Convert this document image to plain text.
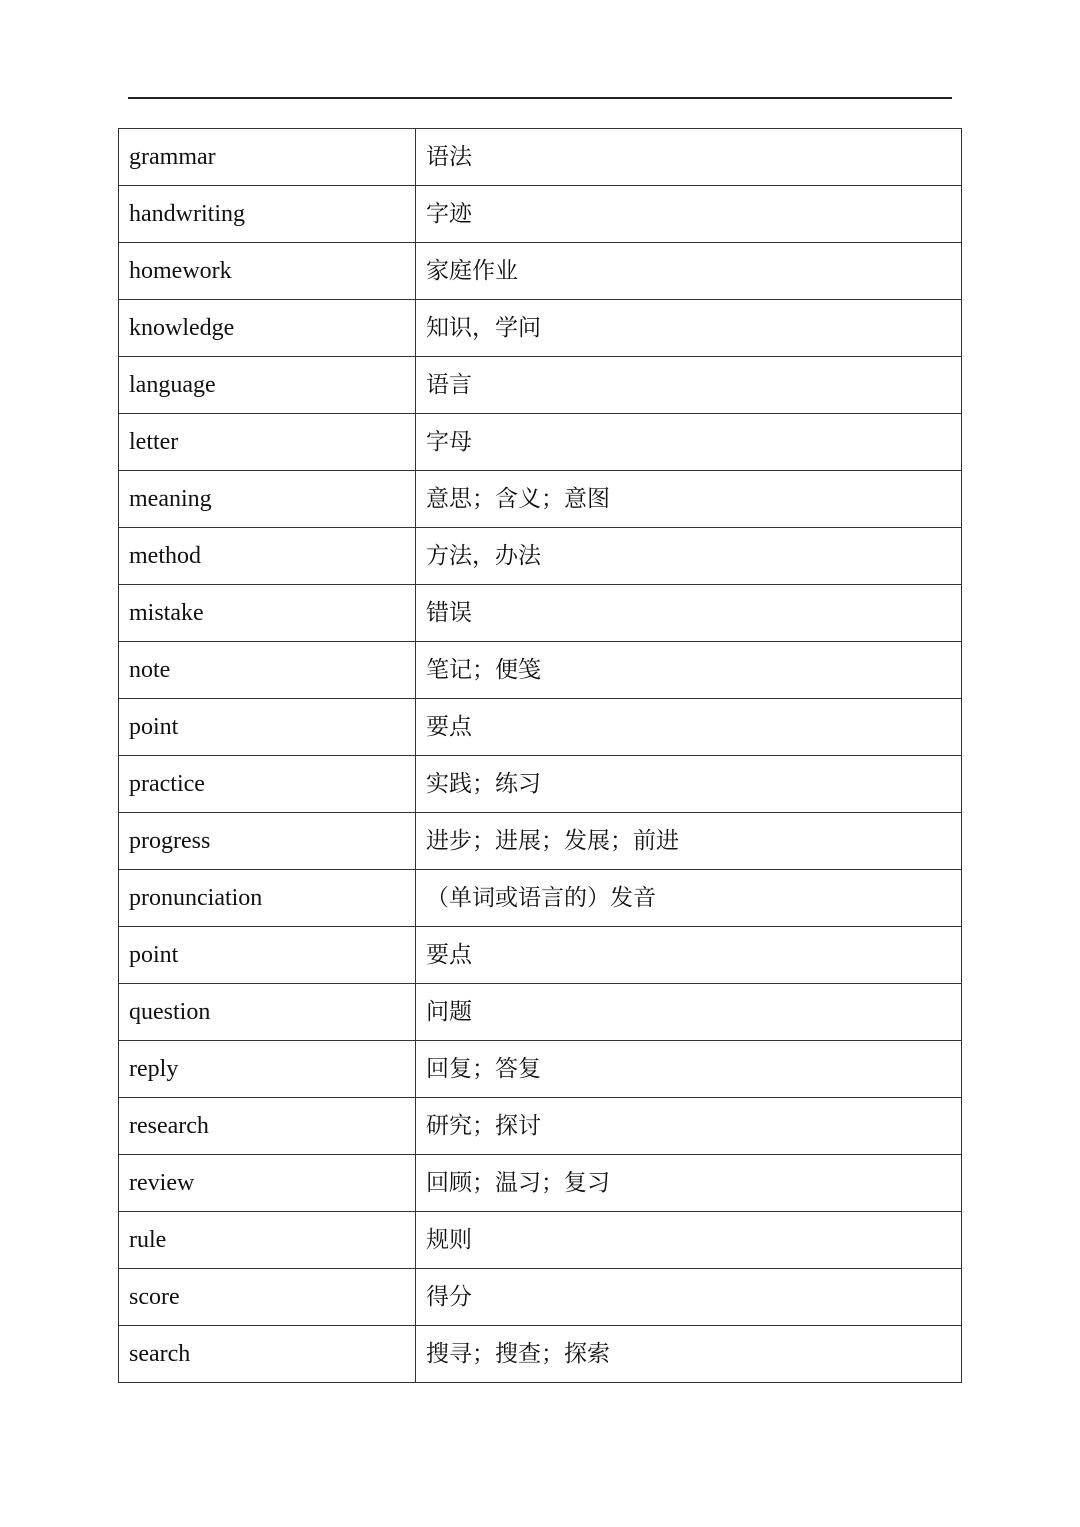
grammar	语法
handwriting	字迹
homework	家庭作业
knowledge	知识，学问
language	语言
letter	字母
meaning	意思；含义；意图
method	方法，办法
mistake	错误
note	笔记；便笺
point	要点
practice	实践；练习
progress	进步；进展；发展；前进
pronunciation	（单词或语言的）发音
point	要点
question	问题
reply	回复；答复
research	研究；探讨
review	回顾；温习；复习
rule	规则
score	得分
search	搜寻；搜查；探索
